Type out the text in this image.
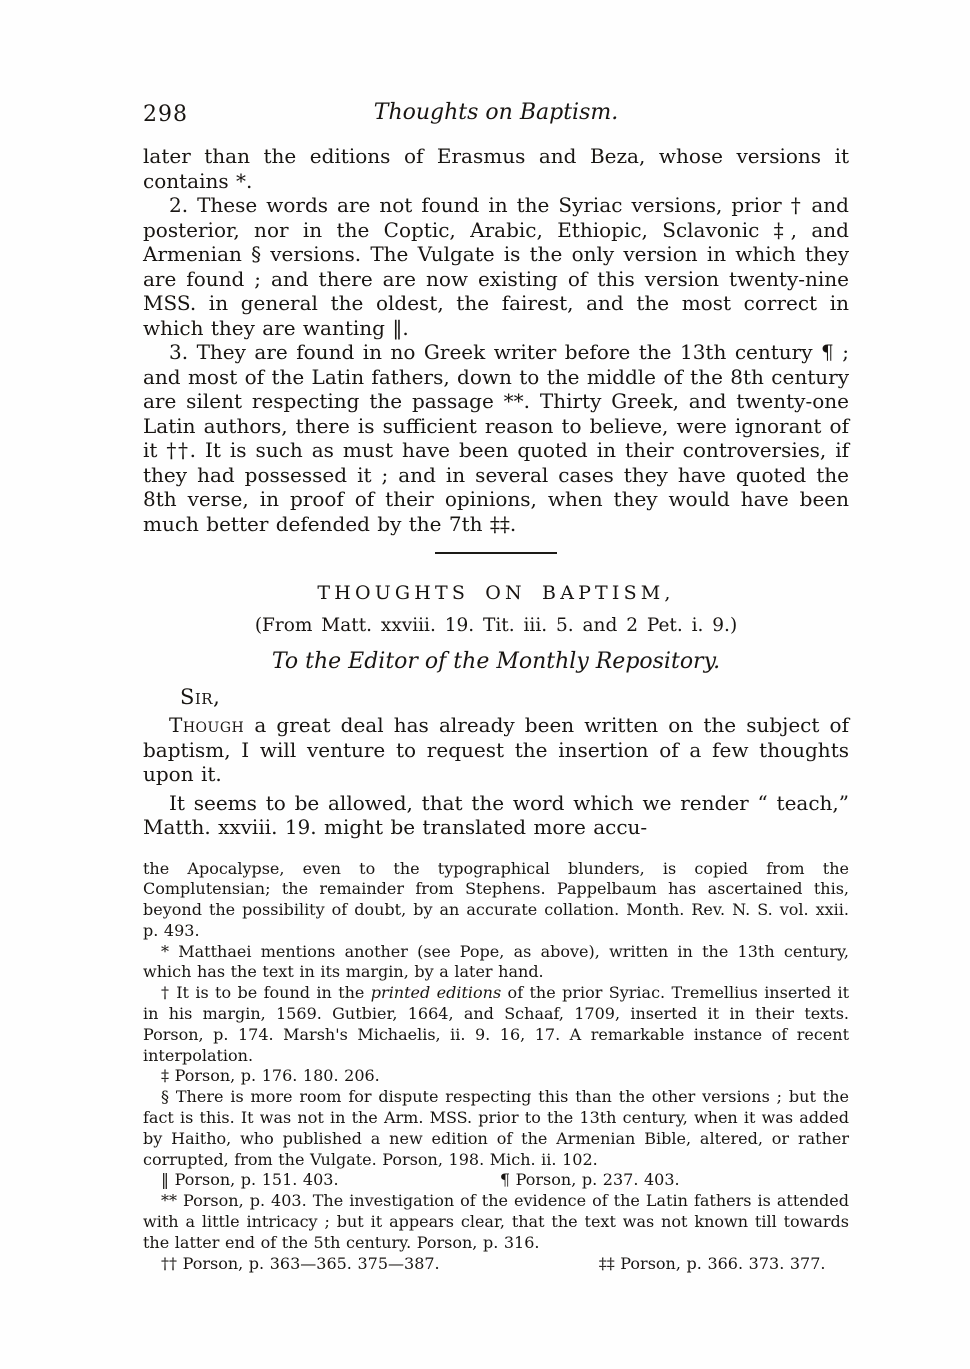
298	Thoughts on Baptism.

later than the editions of Erasmus and Beza, whose versions it contains *.

2. These words are not found in the Syriac versions, prior † and posterior, nor in the Coptic, Arabic, Ethiopic, Sclavonic ‡, and Armenian § versions. The Vulgate is the only version in which they are found ; and there are now existing of this version twenty-nine MSS. in general the oldest, the fairest, and the most correct in which they are wanting ‖.

3. They are found in no Greek writer before the 13th century ¶ ; and most of the Latin fathers, down to the middle of the 8th century are silent respecting the passage **. Thirty Greek, and twenty-one Latin authors, there is sufficient reason to believe, were ignorant of it ††. It is such as must have been quoted in their controversies, if they had possessed it ; and in several cases they have quoted the 8th verse, in proof of their opinions, when they would have been much better defended by the 7th ‡‡.

THOUGHTS ON BAPTISM,
(From Matt. xxviii. 19. Tit. iii. 5. and 2 Pet. i. 9.)
To the Editor of the Monthly Repository.
Sir,

Though a great deal has already been written on the subject of baptism, I will venture to request the insertion of a few thoughts upon it.

It seems to be allowed, that the word which we render “ teach,” Matth. xxviii. 19. might be translated more accu-

the Apocalypse, even to the typographical blunders, is copied from the Complutensian; the remainder from Stephens. Pappelbaum has ascertained this, beyond the possibility of doubt, by an accurate collation. Month. Rev. N. S. vol. xxii. p. 493.

* Matthaei mentions another (see Pope, as above), written in the 13th century, which has the text in its margin, by a later hand.

† It is to be found in the printed editions of the prior Syriac. Tremellius inserted it in his margin, 1569. Gutbier, 1664, and Schaaf, 1709, inserted it in their texts. Porson, p. 174. Marsh's Michaelis, ii. 9. 16, 17. A remarkable instance of recent interpolation.

‡ Porson, p. 176. 180. 206.

§ There is more room for dispute respecting this than the other versions ; but the fact is this. It was not in the Arm. MSS. prior to the 13th century, when it was added by Haitho, who published a new edition of the Armenian Bible, altered, or rather corrupted, from the Vulgate. Porson, 198. Mich. ii. 102.

‖ Porson, p. 151. 403.	¶ Porson, p. 237. 403.

** Porson, p. 403. The investigation of the evidence of the Latin fathers is attended with a little intricacy ; but it appears clear, that the text was not known till towards the latter end of the 5th century. Porson, p. 316.

†† Porson, p. 363—365. 375—387.	‡‡ Porson, p. 366. 373. 377.
